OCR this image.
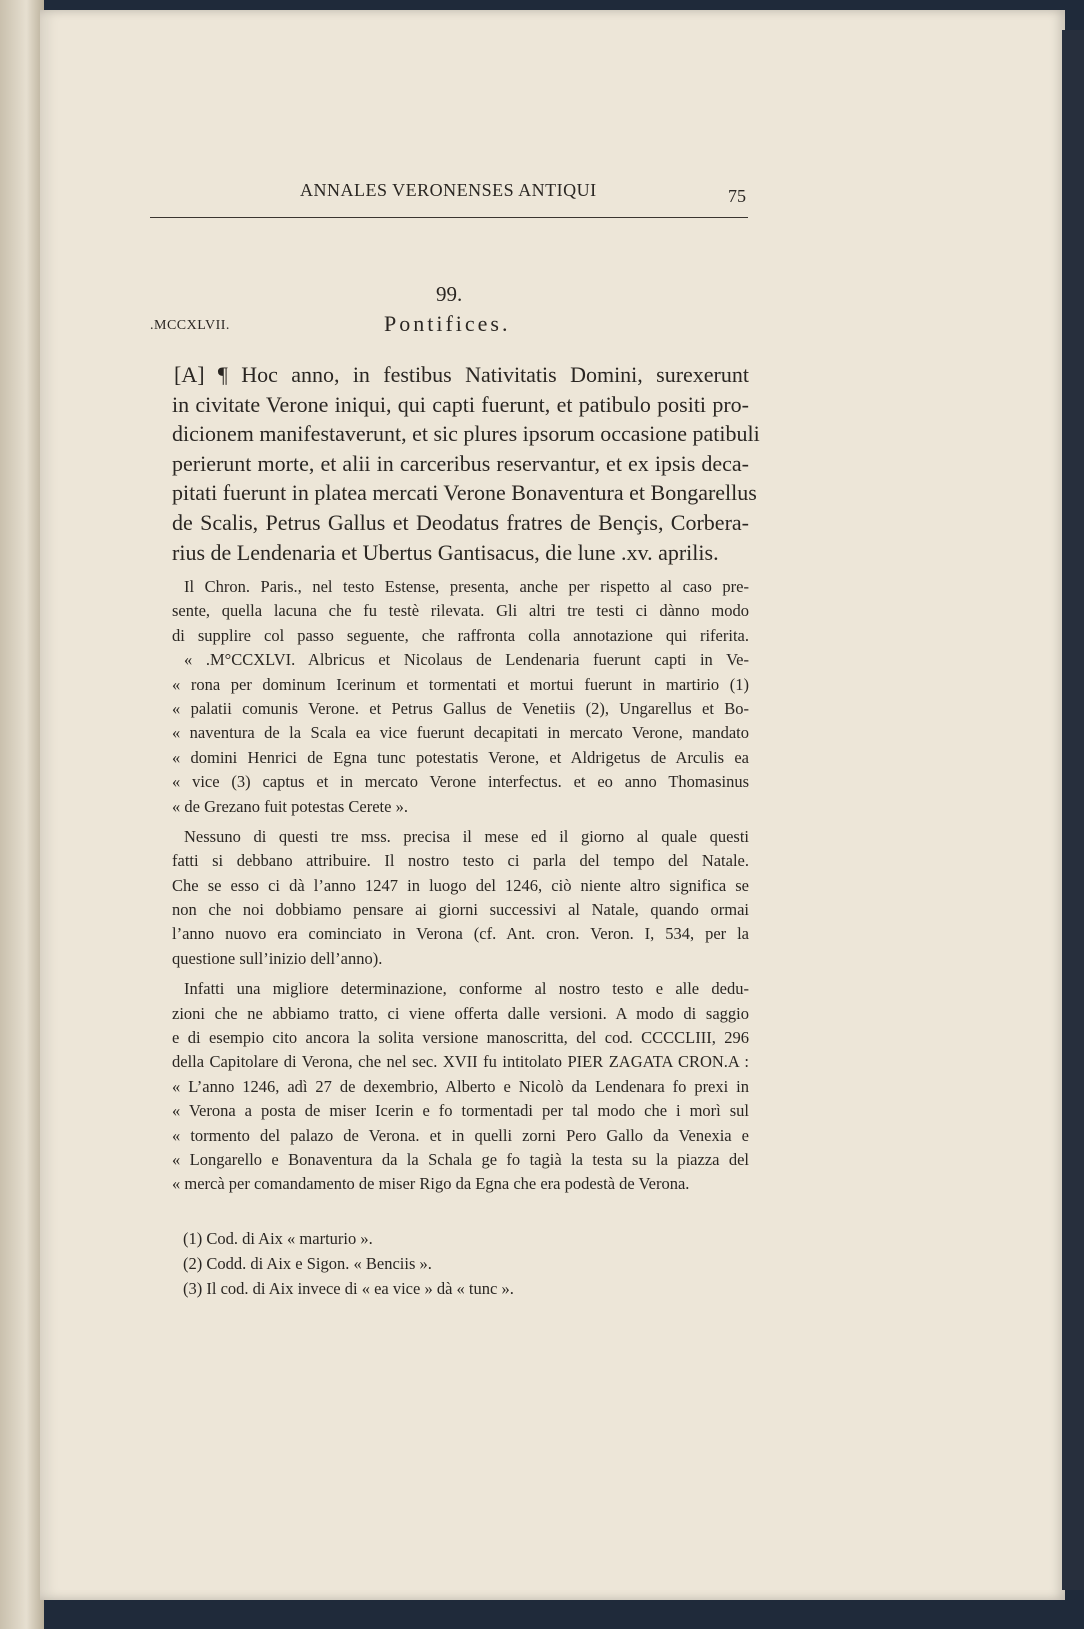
ANNALES VERONENSES ANTIQUI	75
99.
.MCCXLVII.	Pontifices.
[A] ¶ Hoc anno, in festibus Nativitatis Domini, surexerunt
in civitate Verone iniqui, qui capti fuerunt, et patibulo positi pro-
dicionem manifestaverunt, et sic plures ipsorum occasione patibuli
perierunt morte, et alii in carceribus reservantur, et ex ipsis deca-
pitati fuerunt in platea mercati Verone Bonaventura et Bongarellus
de Scalis, Petrus Gallus et Deodatus fratres de Bençis, Corbera-
rius de Lendenaria et Ubertus Gantisacus, die lune .xv. aprilis.
Il Chron. Paris., nel testo Estense, presenta, anche per rispetto al caso pre-
sente, quella lacuna che fu testè rilevata. Gli altri tre testi ci dànno modo
di supplire col passo seguente, che raffronta colla annotazione qui riferita.
« .M°CCXLVI. Albricus et Nicolaus de Lendenaria fuerunt capti in Ve-
« rona per dominum Icerinum et tormentati et mortui fuerunt in martirio (1)
« palatii comunis Verone. et Petrus Gallus de Venetiis (2), Ungarellus et Bo-
« naventura de la Scala ea vice fuerunt decapitati in mercato Verone, mandato
« domini Henrici de Egna tunc potestatis Verone, et Aldrigetus de Arculis ea
« vice (3) captus et in mercato Verone interfectus. et eo anno Thomasinus
« de Grezano fuit potestas Cerete ».
Nessuno di questi tre mss. precisa il mese ed il giorno al quale questi
fatti si debbano attribuire. Il nostro testo ci parla del tempo del Natale.
Che se esso ci dà l’anno 1247 in luogo del 1246, ciò niente altro significa se
non che noi dobbiamo pensare ai giorni successivi al Natale, quando ormai
l’anno nuovo era cominciato in Verona (cf. Ant. cron. Veron. I, 534, per la
questione sull’inizio dell’anno).
Infatti una migliore determinazione, conforme al nostro testo e alle dedu-
zioni che ne abbiamo tratto, ci viene offerta dalle versioni. A modo di saggio
e di esempio cito ancora la solita versione manoscritta, del cod. CCCCLIII, 296
della Capitolare di Verona, che nel sec. XVII fu intitolato PIER ZAGATA CRON.A :
« L’anno 1246, adì 27 de dexembrio, Alberto e Nicolò da Lendenara fo prexi in
« Verona a posta de miser Icerin e fo tormentadi per tal modo che i morì sul
« tormento del palazo de Verona. et in quelli zorni Pero Gallo da Venexia e
« Longarello e Bonaventura da la Schala ge fo tagià la testa su la piazza del
« mercà per comandamento de miser Rigo da Egna che era podestà de Verona.
(1) Cod. di Aix « marturio ».
(2) Codd. di Aix e Sigon. « Benciis ».
(3) Il cod. di Aix invece di « ea vice » dà « tunc ».
